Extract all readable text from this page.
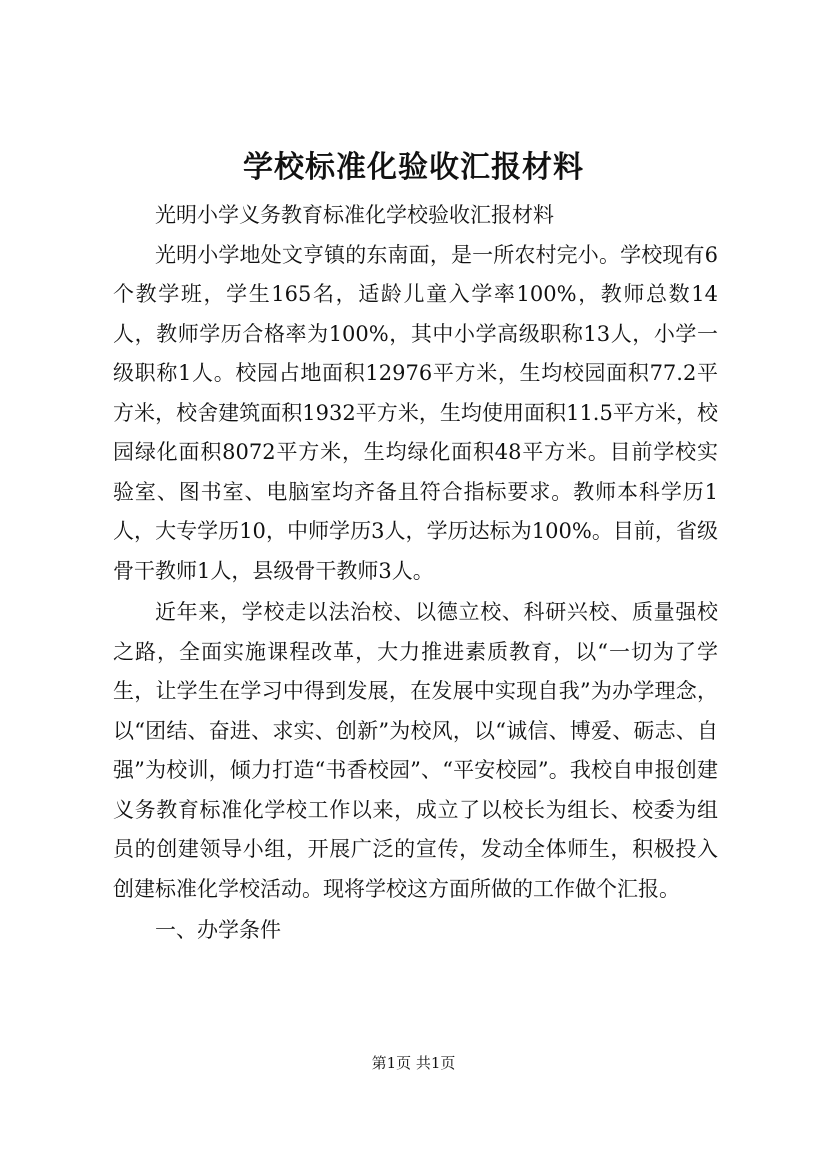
学校标准化验收汇报材料

光明小学义务教育标准化学校验收汇报材料

光明小学地处文亨镇的东南面，是一所农村完小。学校现有6个教学班，学生165名，适龄儿童入学率100%，教师总数14人，教师学历合格率为100%，其中小学高级职称13人，小学一级职称1人。校园占地面积12976平方米，生均校园面积77.2平方米，校舍建筑面积1932平方米，生均使用面积11.5平方米，校园绿化面积8072平方米，生均绿化面积48平方米。目前学校实验室、图书室、电脑室均齐备且符合指标要求。教师本科学历1人，大专学历10，中师学历3人，学历达标为100%。目前，省级骨干教师1人，县级骨干教师3人。

近年来，学校走以法治校、以德立校、科研兴校、质量强校之路，全面实施课程改革，大力推进素质教育，以“一切为了学生，让学生在学习中得到发展，在发展中实现自我”为办学理念，以“团结、奋进、求实、创新”为校风，以“诚信、博爱、砺志、自强”为校训，倾力打造“书香校园”、“平安校园”。我校自申报创建义务教育标准化学校工作以来，成立了以校长为组长、校委为组员的创建领导小组，开展广泛的宣传，发动全体师生，积极投入创建标准化学校活动。现将学校这方面所做的工作做个汇报。

一、办学条件

第1页 共1页
